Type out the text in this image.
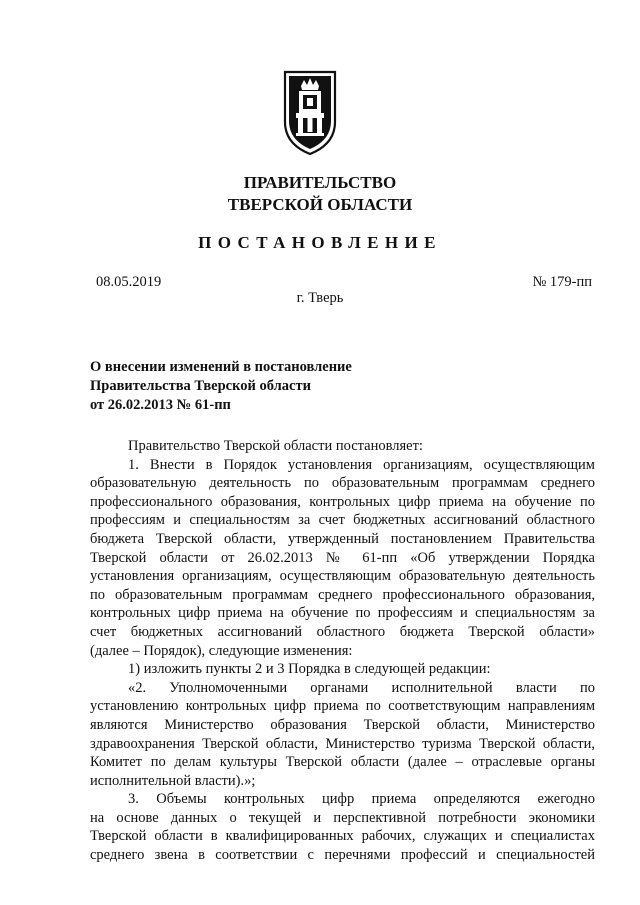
ПРАВИТЕЛЬСТВО
ТВЕРСКОЙ ОБЛАСТИ
ПОСТАНОВЛЕНИЕ
08.05.2019	№ 179-пп
г. Тверь
О внесении изменений в постановление
Правительства Тверской области
от 26.02.2013 № 61-пп
Правительство Тверской области постановляет:
1. Внести в Порядок установления организациям, осуществляющим
образовательную деятельность по образовательным программам среднего
профессионального образования, контрольных цифр приема на обучение по
профессиям и специальностям за счет бюджетных ассигнований областного
бюджета Тверской области, утвержденный постановлением Правительства
Тверской области от 26.02.2013 № 61-пп «Об утверждении Порядка
установления организациям, осуществляющим образовательную деятельность
по образовательным программам среднего профессионального образования,
контрольных цифр приема на обучение по профессиям и специальностям за
счет бюджетных ассигнований областного бюджета Тверской области»
(далее – Порядок), следующие изменения:
1) изложить пункты 2 и 3 Порядка в следующей редакции:
«2. Уполномоченными органами исполнительной власти по
установлению контрольных цифр приема по соответствующим направлениям
являются Министерство образования Тверской области, Министерство
здравоохранения Тверской области, Министерство туризма Тверской области,
Комитет по делам культуры Тверской области (далее – отраслевые органы
исполнительной власти).»;
3. Объемы контрольных цифр приема определяются ежегодно
на основе данных о текущей и перспективной потребности экономики
Тверской области в квалифицированных рабочих, служащих и специалистах
среднего звена в соответствии с перечнями профессий и специальностей
